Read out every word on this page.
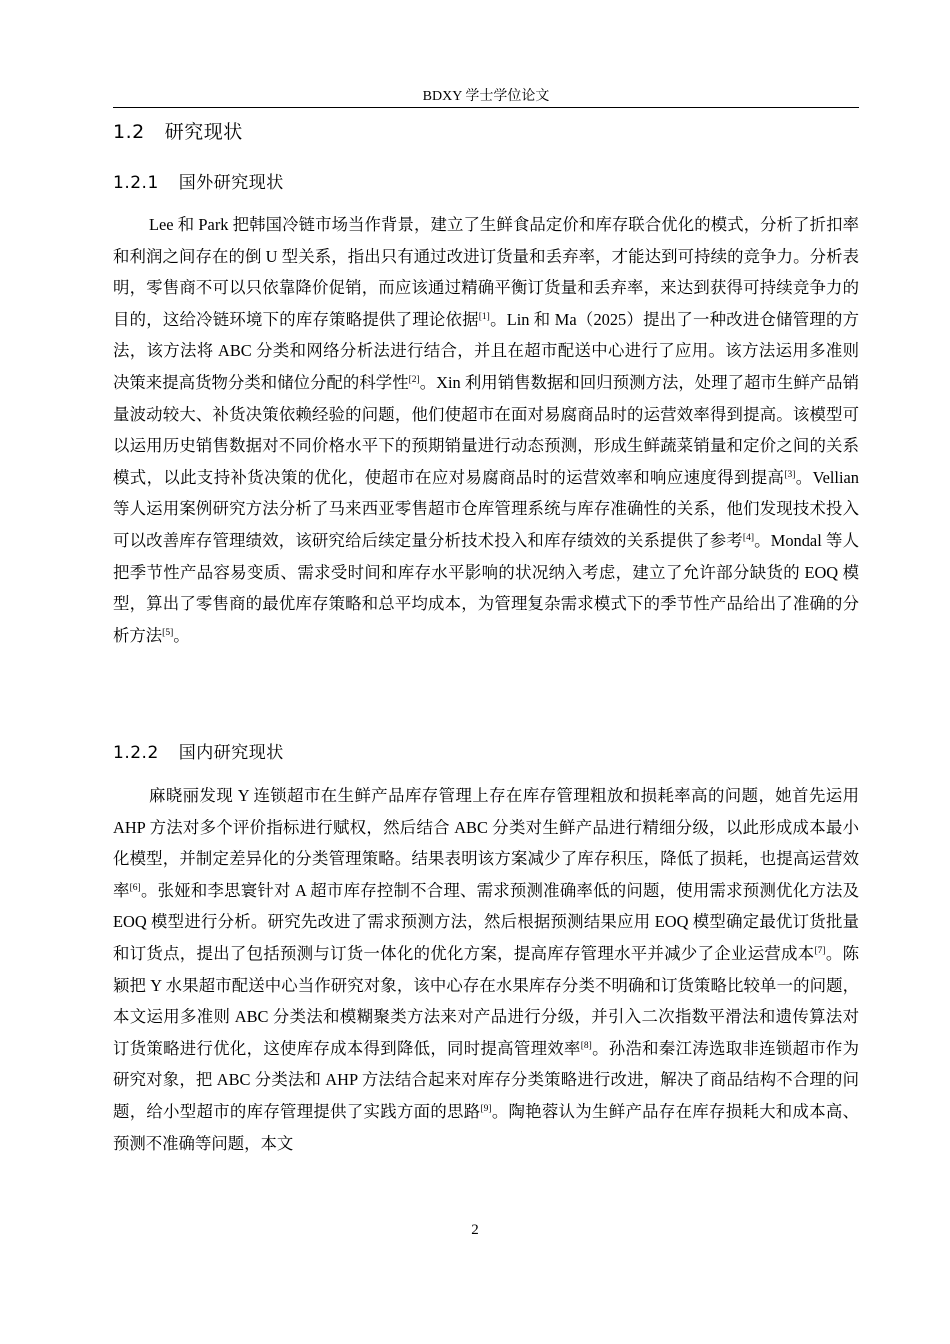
BDXY 学士学位论文
1.2 研究现状
1.2.1 国外研究现状

Lee 和 Park 把韩国冷链市场当作背景，建立了生鲜食品定价和库存联合优化的模式，分析了折扣率和利润之间存在的倒 U 型关系，指出只有通过改进订货量和丢弃率，才能达到可持续的竞争力。分析表明，零售商不可以只依靠降价促销，而应该通过精确平衡订货量和丢弃率，来达到获得可持续竞争力的目的，这给冷链环境下的库存策略提供了理论依据[1]。Lin 和 Ma（2025）提出了一种改进仓储管理的方法，该方法将 ABC 分类和网络分析法进行结合，并且在超市配送中心进行了应用。该方法运用多准则决策来提高货物分类和储位分配的科学性[2]。Xin 利用销售数据和回归预测方法，处理了超市生鲜产品销量波动较大、补货决策依赖经验的问题，他们使超市在面对易腐商品时的运营效率得到提高。该模型可以运用历史销售数据对不同价格水平下的预期销量进行动态预测，形成生鲜蔬菜销量和定价之间的关系模式，以此支持补货决策的优化，使超市在应对易腐商品时的运营效率和响应速度得到提高[3]。Vellian 等人运用案例研究方法分析了马来西亚零售超市仓库管理系统与库存准确性的关系，他们发现技术投入可以改善库存管理绩效，该研究给后续定量分析技术投入和库存绩效的关系提供了参考[4]。Mondal 等人把季节性产品容易变质、需求受时间和库存水平影响的状况纳入考虑，建立了允许部分缺货的 EOQ 模型，算出了零售商的最优库存策略和总平均成本，为管理复杂需求模式下的季节性产品给出了准确的分析方法[5]。

1.2.2 国内研究现状

麻晓丽发现 Y 连锁超市在生鲜产品库存管理上存在库存管理粗放和损耗率高的问题，她首先运用 AHP 方法对多个评价指标进行赋权，然后结合 ABC 分类对生鲜产品进行精细分级，以此形成成本最小化模型，并制定差异化的分类管理策略。结果表明该方案减少了库存积压，降低了损耗，也提高运营效率[6]。张娅和李思寰针对 A 超市库存控制不合理、需求预测准确率低的问题，使用需求预测优化方法及 EOQ 模型进行分析。研究先改进了需求预测方法，然后根据预测结果应用 EOQ 模型确定最优订货批量和订货点，提出了包括预测与订货一体化的优化方案，提高库存管理水平并减少了企业运营成本[7]。陈颖把 Y 水果超市配送中心当作研究对象，该中心存在水果库存分类不明确和订货策略比较单一的问题，本文运用多准则 ABC 分类法和模糊聚类方法来对产品进行分级，并引入二次指数平滑法和遗传算法对订货策略进行优化，这使库存成本得到降低，同时提高管理效率[8]。孙浩和秦江涛选取非连锁超市作为研究对象，把 ABC 分类法和 AHP 方法结合起来对库存分类策略进行改进，解决了商品结构不合理的问题，给小型超市的库存管理提供了实践方面的思路[9]。陶艳蓉认为生鲜产品存在库存损耗大和成本高、预测不准确等问题，本文

2
